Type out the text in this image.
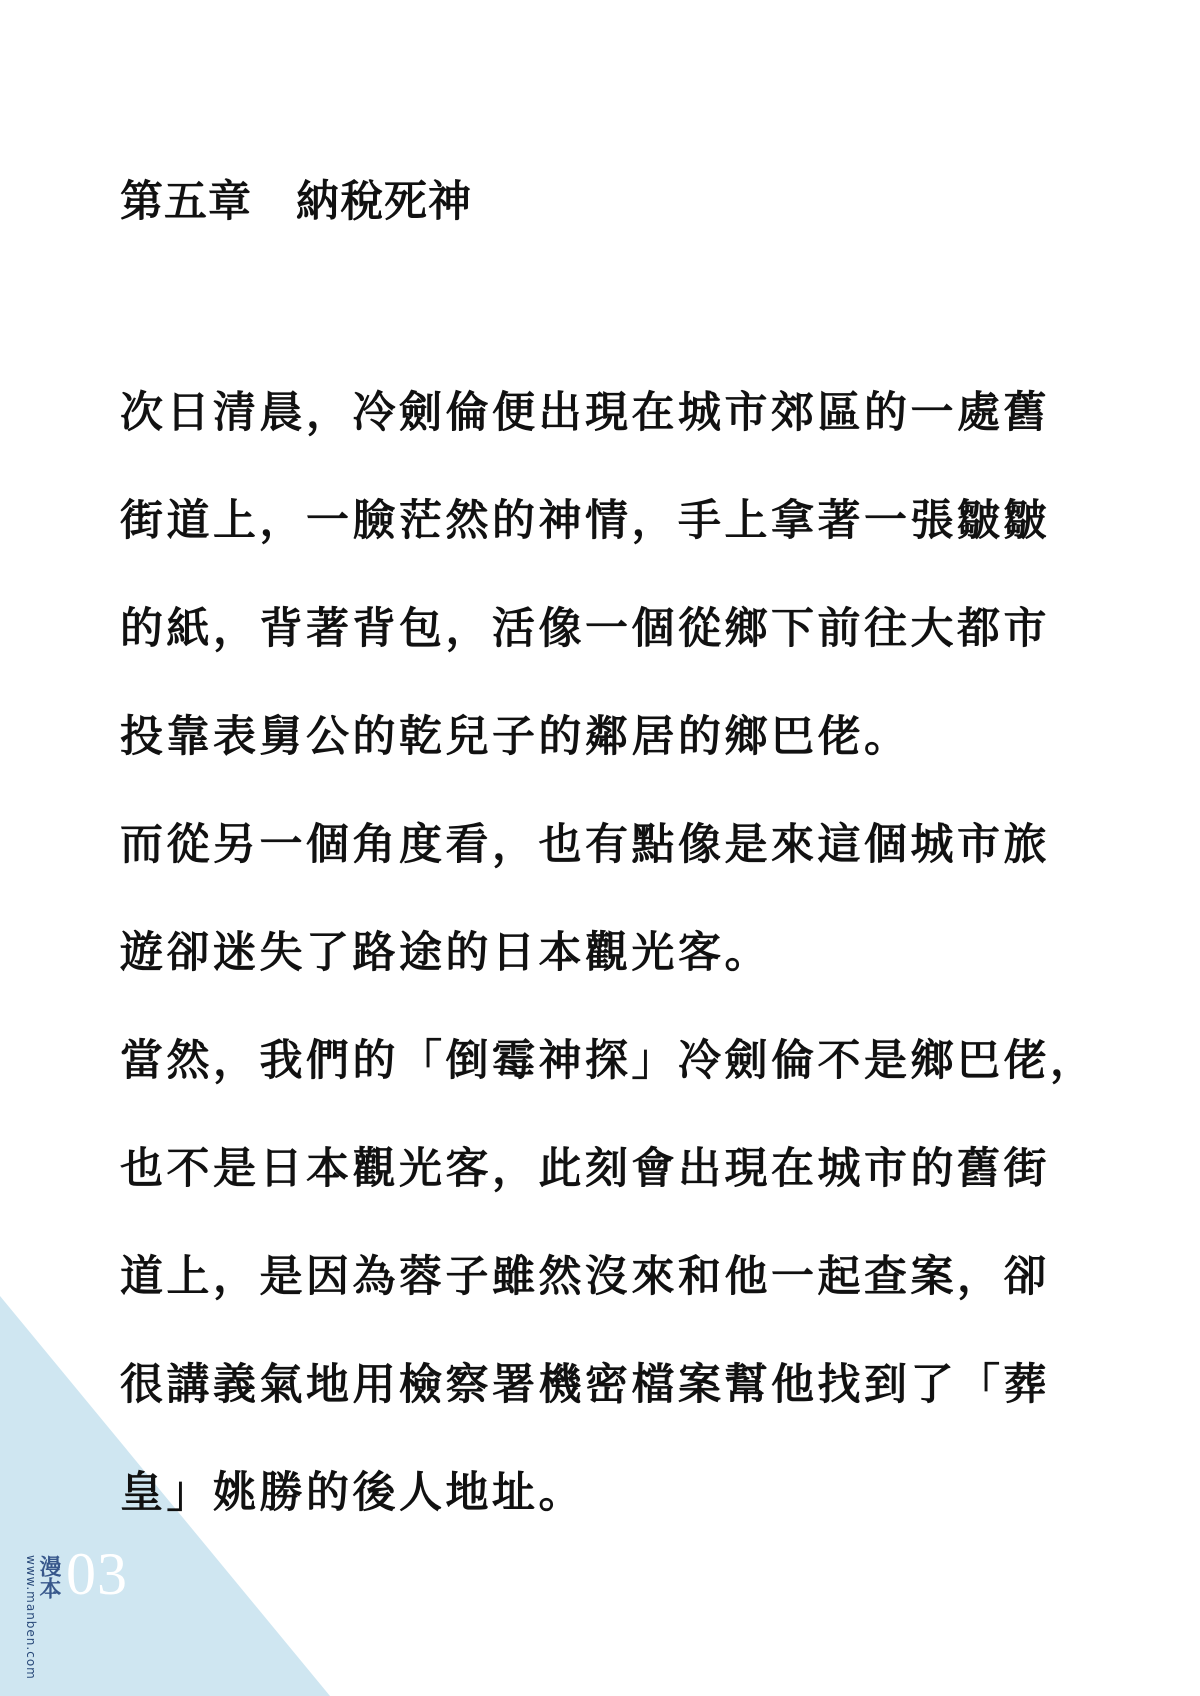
第五章　納稅死神
次日清晨，冷劍倫便出現在城市郊區的一處舊
街道上，一臉茫然的神情，手上拿著一張皺皺
的紙，背著背包，活像一個從鄉下前往大都市
投靠表舅公的乾兒子的鄰居的鄉巴佬。
而從另一個角度看，也有點像是來這個城市旅
遊卻迷失了路途的日本觀光客。
當然，我們的「倒霉神探」冷劍倫不是鄉巴佬，
也不是日本觀光客，此刻會出現在城市的舊街
道上，是因為蓉子雖然沒來和他一起查案，卻
很講義氣地用檢察署機密檔案幫他找到了「葬
皇」姚勝的後人地址。
www.manben.com
漫本 03
